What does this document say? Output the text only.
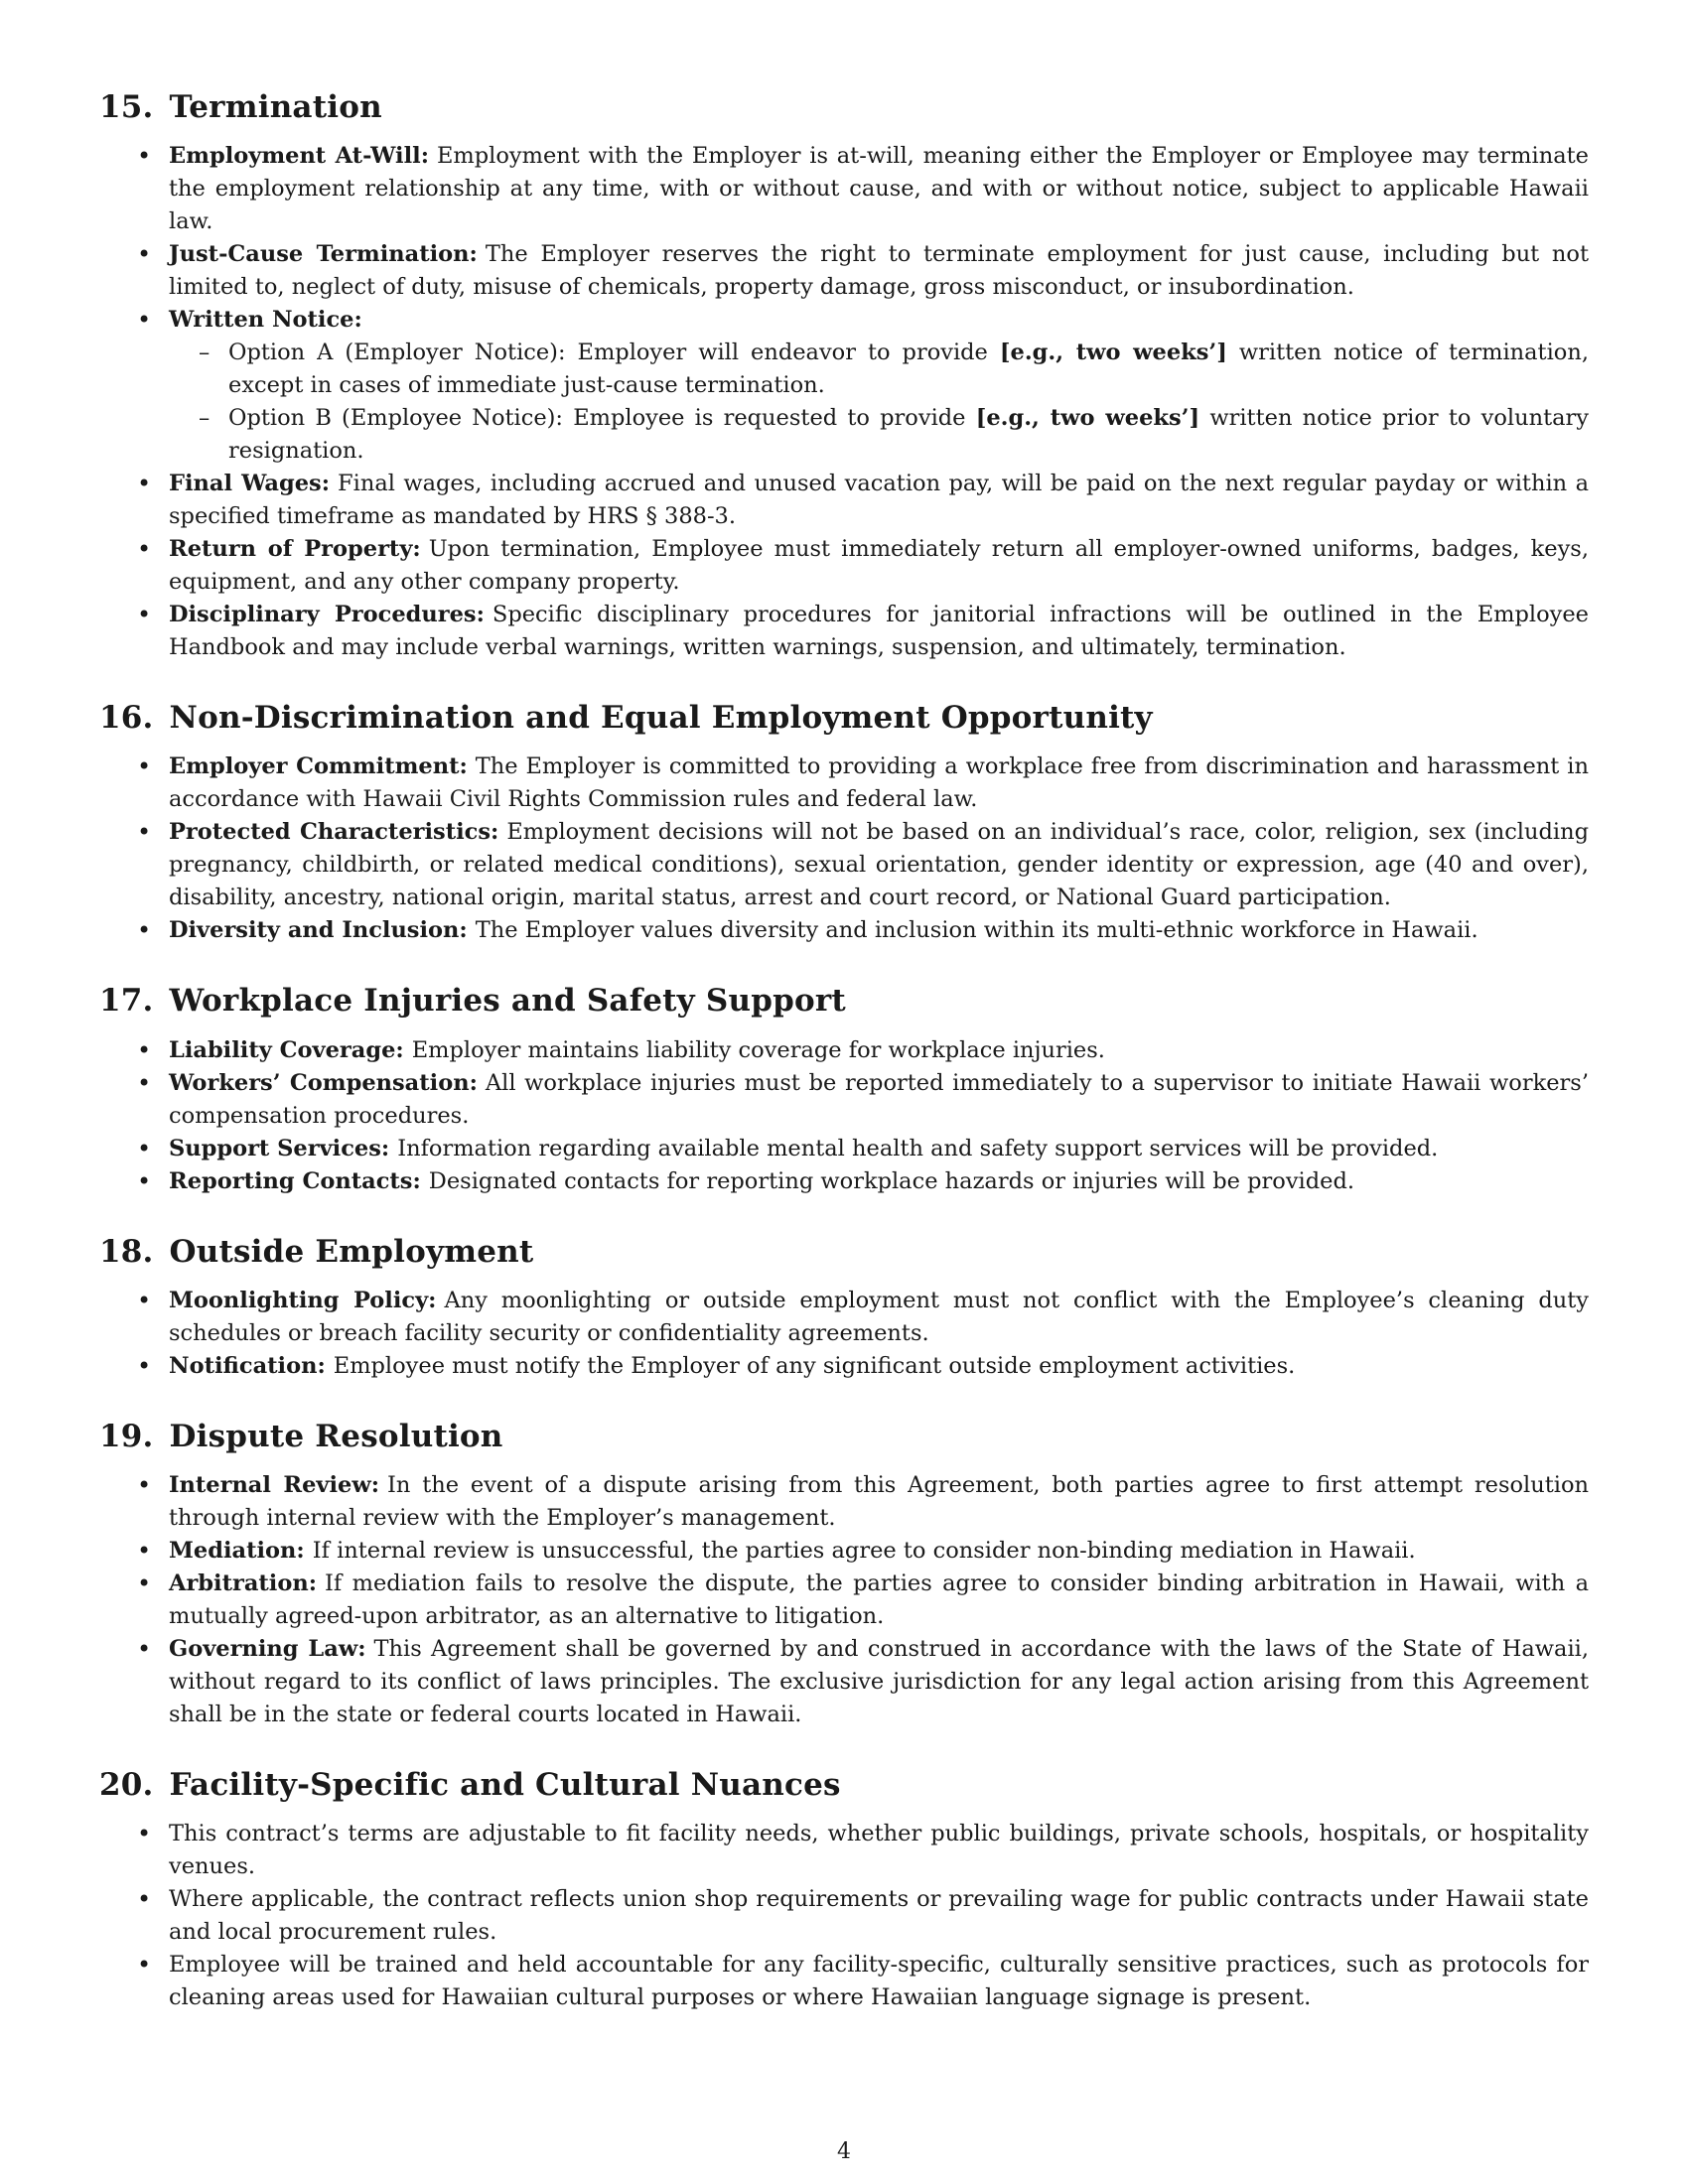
15. Termination
• Employment At-Will: Employment with the Employer is at-will, meaning either the Employer or Employee may terminate the employment relationship at any time, with or without cause, and with or without notice, subject to applicable Hawaii law.
• Just-Cause Termination: The Employer reserves the right to terminate employment for just cause, including but not limited to, neglect of duty, misuse of chemicals, property damage, gross misconduct, or insubordination.
• Written Notice:
– Option A (Employer Notice): Employer will endeavor to provide [e.g., two weeks’] written notice of termination, except in cases of immediate just-cause termination.
– Option B (Employee Notice): Employee is requested to provide [e.g., two weeks’] written notice prior to voluntary resignation.
• Final Wages: Final wages, including accrued and unused vacation pay, will be paid on the next regular payday or within a specified timeframe as mandated by HRS § 388-3.
• Return of Property: Upon termination, Employee must immediately return all employer-owned uniforms, badges, keys, equipment, and any other company property.
• Disciplinary Procedures: Specific disciplinary procedures for janitorial infractions will be outlined in the Employee Handbook and may include verbal warnings, written warnings, suspension, and ultimately, termination.
16. Non-Discrimination and Equal Employment Opportunity
• Employer Commitment: The Employer is committed to providing a workplace free from discrimination and harassment in accordance with Hawaii Civil Rights Commission rules and federal law.
• Protected Characteristics: Employment decisions will not be based on an individual’s race, color, religion, sex (including pregnancy, childbirth, or related medical conditions), sexual orientation, gender identity or expression, age (40 and over), disability, ancestry, national origin, marital status, arrest and court record, or National Guard participation.
• Diversity and Inclusion: The Employer values diversity and inclusion within its multi-ethnic workforce in Hawaii.
17. Workplace Injuries and Safety Support
• Liability Coverage: Employer maintains liability coverage for workplace injuries.
• Workers’ Compensation: All workplace injuries must be reported immediately to a supervisor to initiate Hawaii workers’ compensation procedures.
• Support Services: Information regarding available mental health and safety support services will be provided.
• Reporting Contacts: Designated contacts for reporting workplace hazards or injuries will be provided.
18. Outside Employment
• Moonlighting Policy: Any moonlighting or outside employment must not conflict with the Employee’s cleaning duty schedules or breach facility security or confidentiality agreements.
• Notification: Employee must notify the Employer of any significant outside employment activities.
19. Dispute Resolution
• Internal Review: In the event of a dispute arising from this Agreement, both parties agree to first attempt resolution through internal review with the Employer’s management.
• Mediation: If internal review is unsuccessful, the parties agree to consider non-binding mediation in Hawaii.
• Arbitration: If mediation fails to resolve the dispute, the parties agree to consider binding arbitration in Hawaii, with a mutually agreed-upon arbitrator, as an alternative to litigation.
• Governing Law: This Agreement shall be governed by and construed in accordance with the laws of the State of Hawaii, without regard to its conflict of laws principles. The exclusive jurisdiction for any legal action arising from this Agreement shall be in the state or federal courts located in Hawaii.
20. Facility-Specific and Cultural Nuances
• This contract’s terms are adjustable to fit facility needs, whether public buildings, private schools, hospitals, or hospitality venues.
• Where applicable, the contract reflects union shop requirements or prevailing wage for public contracts under Hawaii state and local procurement rules.
• Employee will be trained and held accountable for any facility-specific, culturally sensitive practices, such as protocols for cleaning areas used for Hawaiian cultural purposes or where Hawaiian language signage is present.
4
